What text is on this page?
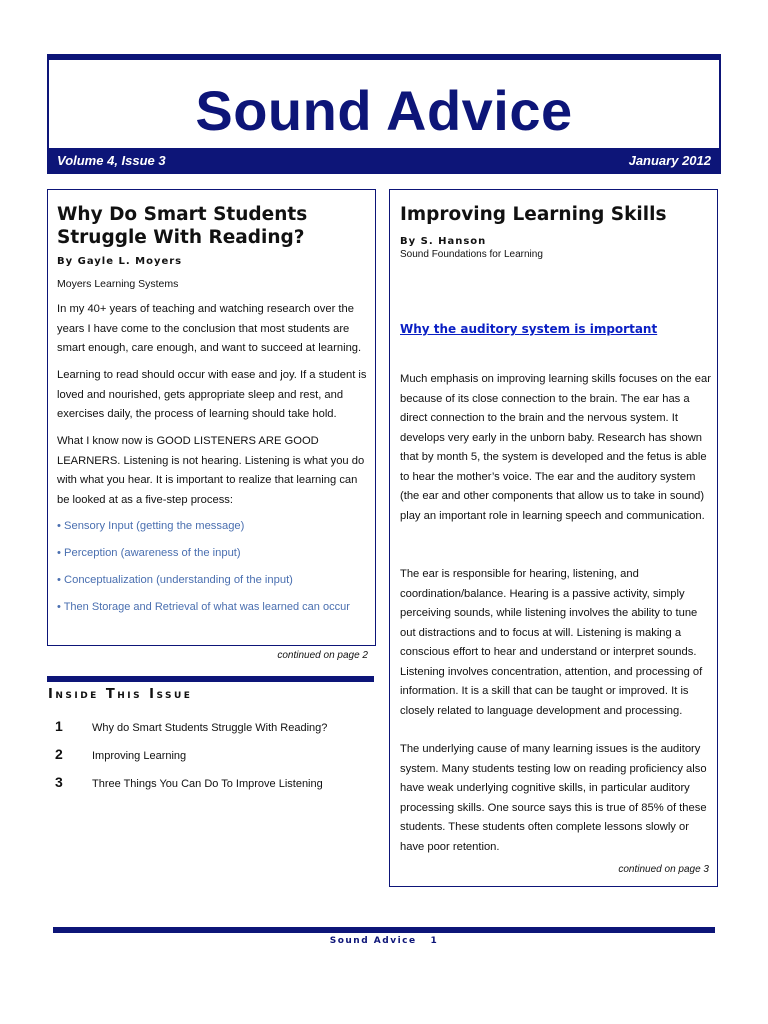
Sound Advice
Volume 4, Issue 3	January 2012
Why Do Smart Students Struggle With Reading?
By Gayle L. Moyers
Moyers Learning Systems
In my 40+ years of teaching and watching research over the years I have come to the conclusion that most students are smart enough, care enough, and want to succeed at learning.
Learning to read should occur with ease and joy. If a student is loved and nourished, gets appropriate sleep and rest, and exercises daily, the process of learning should take hold.
What I know now is GOOD LISTENERS ARE GOOD LEARNERS. Listening is not hearing. Listening is what you do with what you hear. It is important to realize that learning can be looked at as a five-step process:
• Sensory Input (getting the message)
• Perception (awareness of the input)
• Conceptualization (understanding of the input)
• Then Storage and Retrieval of what was learned can occur
continued on page 2
Improving Learning Skills
By S. Hanson
Sound Foundations for Learning
Why the auditory system is important
Much emphasis on improving learning skills focuses on the ear because of its close connection to the brain. The ear has a direct connection to the brain and the nervous system. It develops very early in the unborn baby. Research has shown that by month 5, the system is developed and the fetus is able to hear the mother’s voice. The ear and the auditory system (the ear and other components that allow us to take in sound) play an important role in learning speech and communication.
The ear is responsible for hearing, listening, and coordination/balance. Hearing is a passive activity, simply perceiving sounds, while listening involves the ability to tune out distractions and to focus at will. Listening is making a conscious effort to hear and understand or interpret sounds. Listening involves concentration, attention, and processing of information. It is a skill that can be taught or improved. It is closely related to language development and processing.
The underlying cause of many learning issues is the auditory system. Many students testing low on reading proficiency also have weak underlying cognitive skills, in particular auditory processing skills. One source says this is true of 85% of these students. These students often complete lessons slowly or have poor retention.
continued on page 3
Inside This Issue
1	Why do Smart Students Struggle With Reading?
2	Improving Learning
3	Three Things You Can Do To Improve Listening
Sound Advice   1
